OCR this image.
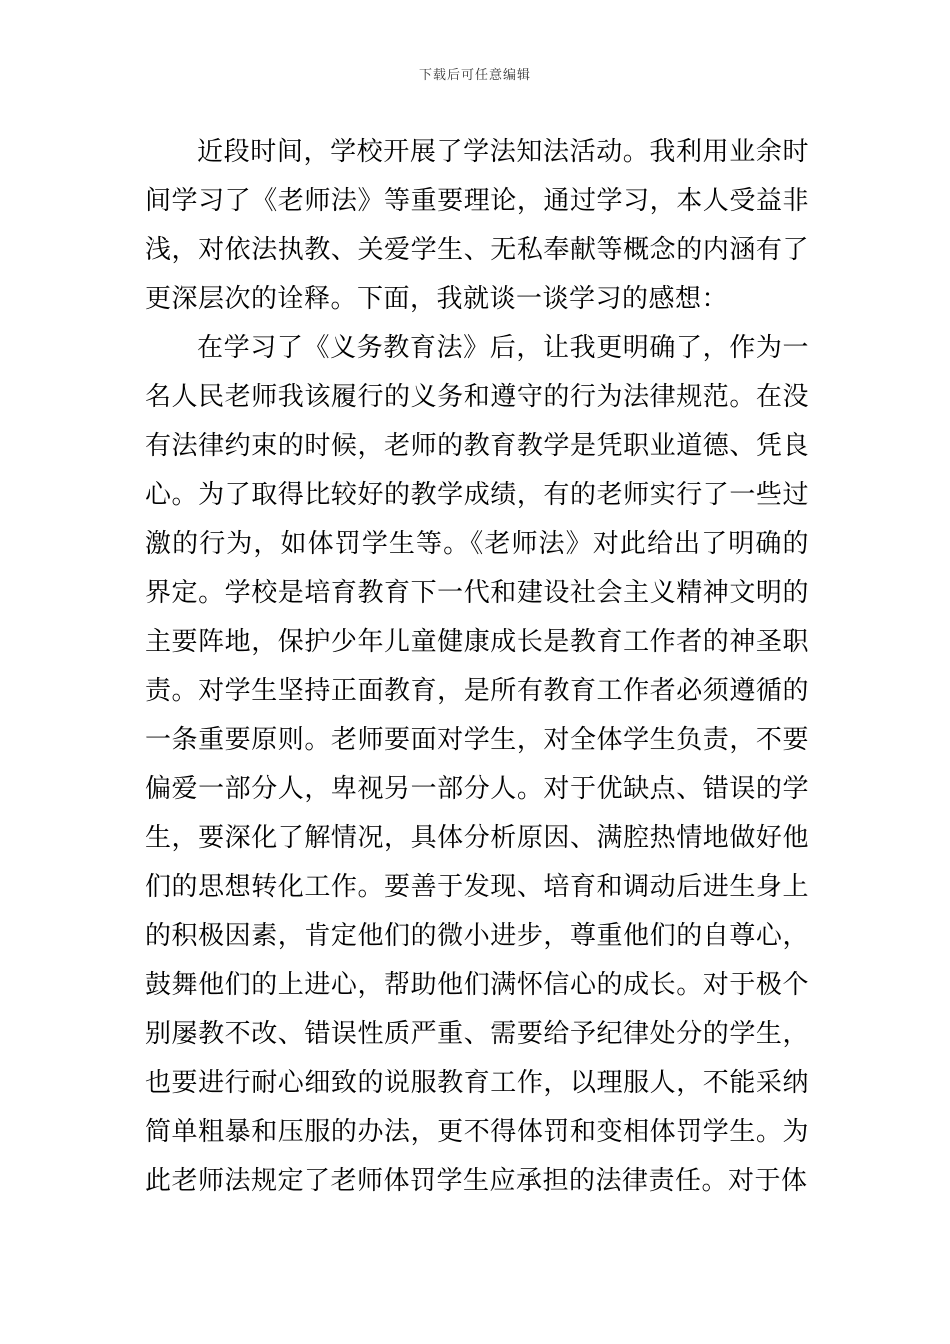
下载后可任意编辑

近段时间，学校开展了学法知法活动。我利用业余时间学习了《老师法》等重要理论，通过学习，本人受益非浅，对依法执教、关爱学生、无私奉献等概念的内涵有了更深层次的诠释。下面，我就谈一谈学习的感想：

在学习了《义务教育法》后，让我更明确了，作为一名人民老师我该履行的义务和遵守的行为法律规范。在没有法律约束的时候，老师的教育教学是凭职业道德、凭良心。为了取得比较好的教学成绩，有的老师实行了一些过激的行为，如体罚学生等。《老师法》对此给出了明确的界定。学校是培育教育下一代和建设社会主义精神文明的主要阵地，保护少年儿童健康成长是教育工作者的神圣职责。对学生坚持正面教育，是所有教育工作者必须遵循的一条重要原则。老师要面对学生，对全体学生负责，不要偏爱一部分人，卑视另一部分人。对于优缺点、错误的学生，要深化了解情况，具体分析原因、满腔热情地做好他们的思想转化工作。要善于发现、培育和调动后进生身上的积极因素，肯定他们的微小进步，尊重他们的自尊心，鼓舞他们的上进心，帮助他们满怀信心的成长。对于极个别屡教不改、错误性质严重、需要给予纪律处分的学生，也要进行耐心细致的说服教育工作，以理服人，不能采纳简单粗暴和压服的办法，更不得体罚和变相体罚学生。为此老师法规定了老师体罚学生应承担的法律责任。对于体
